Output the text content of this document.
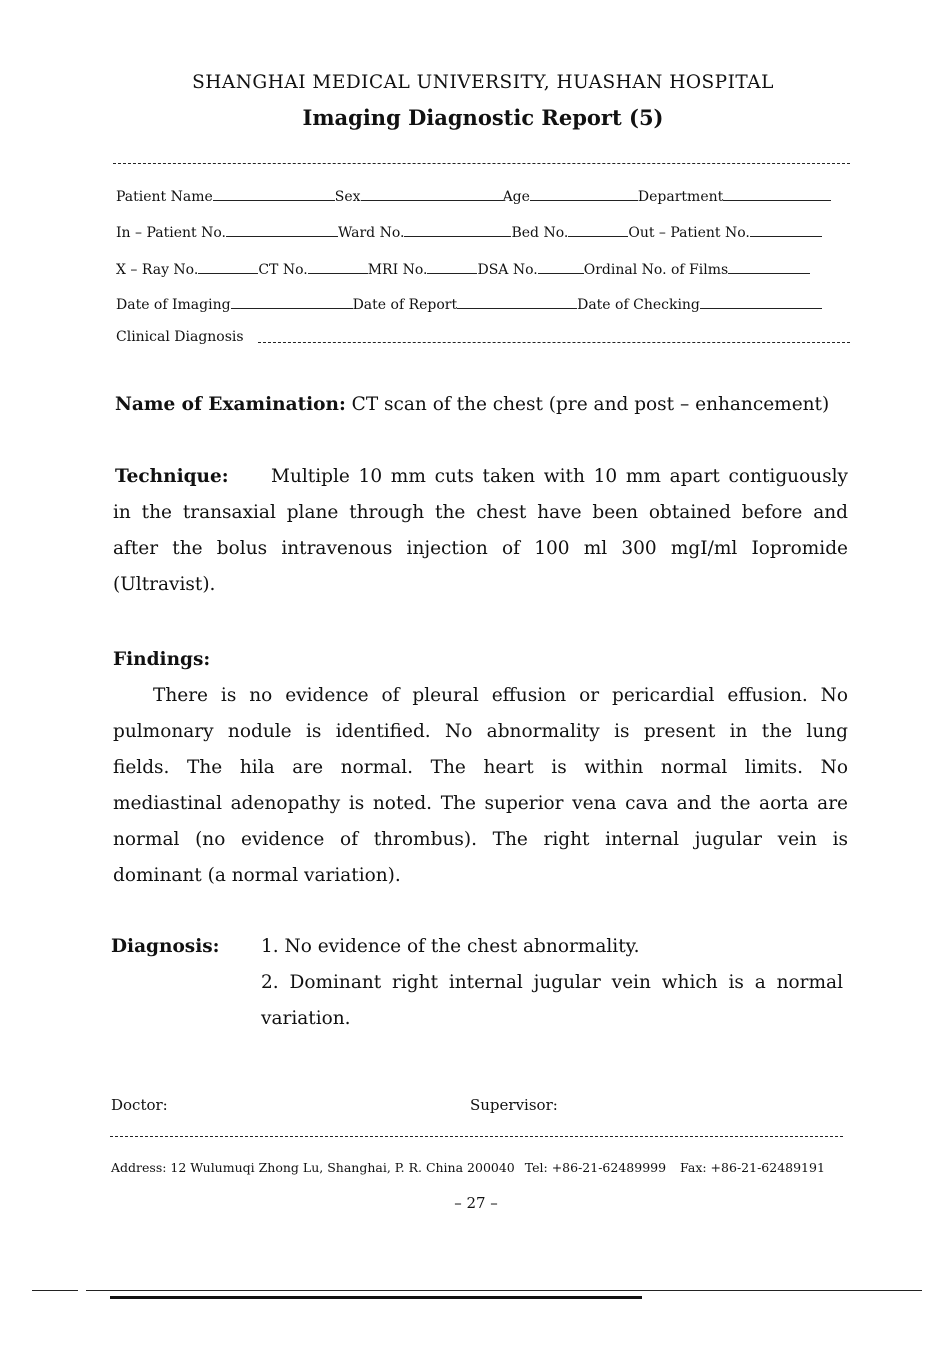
SHANGHAI MEDICAL UNIVERSITY, HUASHAN HOSPITAL
Imaging Diagnostic Report (5)
Patient Name	Sex	Age	Department
In – Patient No.	Ward No.	Bed No.	Out – Patient No.
X – Ray No.	CT No.	MRI No.	DSA No.	Ordinal No. of Films
Date of Imaging	Date of Report	Date of Checking
Clinical Diagnosis
Name of Examination: CT scan of the chest (pre and post – enhancement)
Technique: Multiple 10 mm cuts taken with 10 mm apart contiguously
in the transaxial plane through the chest have been obtained before and
after the bolus intravenous injection of 100 ml 300 mgI/ml Iopromide
(Ultravist).
Findings:
There is no evidence of pleural effusion or pericardial effusion. No
pulmonary nodule is identified. No abnormality is present in the lung
fields. The hila are normal. The heart is within normal limits. No
mediastinal adenopathy is noted. The superior vena cava and the aorta are
normal (no evidence of thrombus). The right internal jugular vein is
dominant (a normal variation).
Diagnosis: 1. No evidence of the chest abnormality.
2. Dominant right internal jugular vein which is a normal
variation.
Doctor:	Supervisor:
Address: 12 Wulumuqi Zhong Lu, Shanghai, P. R. China 200040 Tel: +86-21-62489999 Fax: +86-21-62489191
– 27 –
